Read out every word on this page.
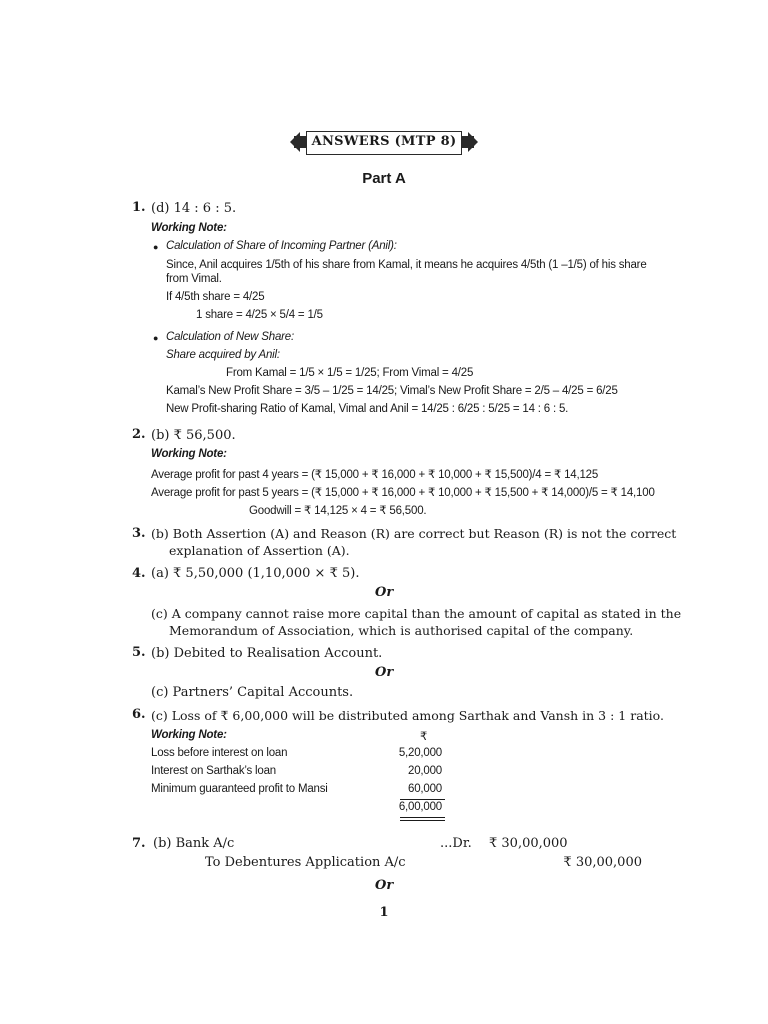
ANSWERS (MTP 8)
Part A
1. (d) 14 : 6 : 5.
Working Note:
● Calculation of Share of Incoming Partner (Anil):
Since, Anil acquires 1/5th of his share from Kamal, it means he acquires 4/5th (1 –1/5) of his share
from Vimal.
If 4/5th share = 4/25
1 share = 4/25 × 5/4 = 1/5
● Calculation of New Share:
Share acquired by Anil:
From Kamal = 1/5 × 1/5 = 1/25; From Vimal = 4/25
Kamal’s New Profit Share = 3/5 – 1/25 = 14/25; Vimal’s New Profit Share = 2/5 – 4/25 = 6/25
New Profit-sharing Ratio of Kamal, Vimal and Anil = 14/25 : 6/25 : 5/25 = 14 : 6 : 5.
2. (b) ₹ 56,500.
Working Note:
Average profit for past 4 years = (₹ 15,000 + ₹ 16,000 + ₹ 10,000 + ₹ 15,500)/4 = ₹ 14,125
Average profit for past 5 years = (₹ 15,000 + ₹ 16,000 + ₹ 10,000 + ₹ 15,500 + ₹ 14,000)/5 = ₹ 14,100
Goodwill = ₹ 14,125 × 4 = ₹ 56,500.
3. (b) Both Assertion (A) and Reason (R) are correct but Reason (R) is not the correct
explanation of Assertion (A).
4. (a) ₹ 5,50,000 (1,10,000 × ₹ 5).
Or
(c) A company cannot raise more capital than the amount of capital as stated in the
Memorandum of Association, which is authorised capital of the company.
5. (b) Debited to Realisation Account.
Or
(c) Partners’ Capital Accounts.
6. (c) Loss of ₹ 6,00,000 will be distributed among Sarthak and Vansh in 3 : 1 ratio.
Working Note:	₹
Loss before interest on loan	5,20,000
Interest on Sarthak’s loan	20,000
Minimum guaranteed profit to Mansi	60,000
6,00,000
7. (b) Bank A/c	...Dr. ₹ 30,00,000
To Debentures Application A/c	₹ 30,00,000
Or
1
